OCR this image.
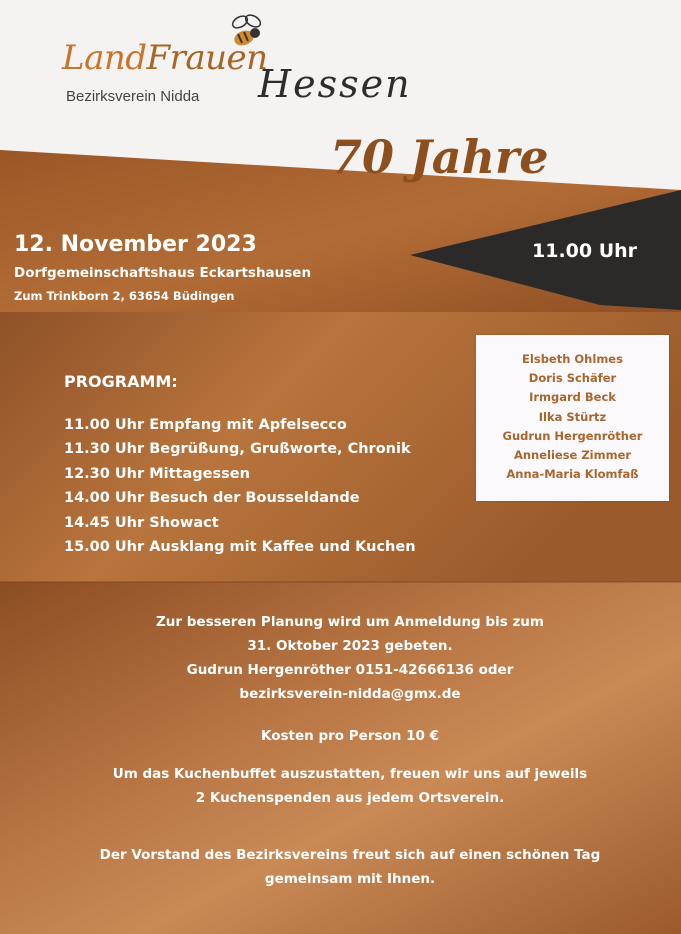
LandFrauen
Hessen
Bezirksverein Nidda
70 Jahre
12. November 2023
Dorfgemeinschaftshaus Eckartshausen
Zum Trinkborn 2, 63654 Büdingen
11.00 Uhr
PROGRAMM:
11.00 Uhr Empfang mit Apfelsecco
11.30 Uhr Begrüßung, Grußworte, Chronik
12.30 Uhr Mittagessen
14.00 Uhr Besuch der Bousseldande
14.45 Uhr Showact
15.00 Uhr Ausklang mit Kaffee und Kuchen
Elsbeth Ohlmes
Doris Schäfer
Irmgard Beck
Ilka Stürtz
Gudrun Hergenröther
Anneliese Zimmer
Anna-Maria Klomfaß
Zur besseren Planung wird um Anmeldung bis zum
31. Oktober 2023 gebeten.
Gudrun Hergenröther 0151-42666136 oder
bezirksverein-nidda@gmx.de
Kosten pro Person 10 €
Um das Kuchenbuffet auszustatten, freuen wir uns auf jeweils
2 Kuchenspenden aus jedem Ortsverein.
Der Vorstand des Bezirksvereins freut sich auf einen schönen Tag
gemeinsam mit Ihnen.
